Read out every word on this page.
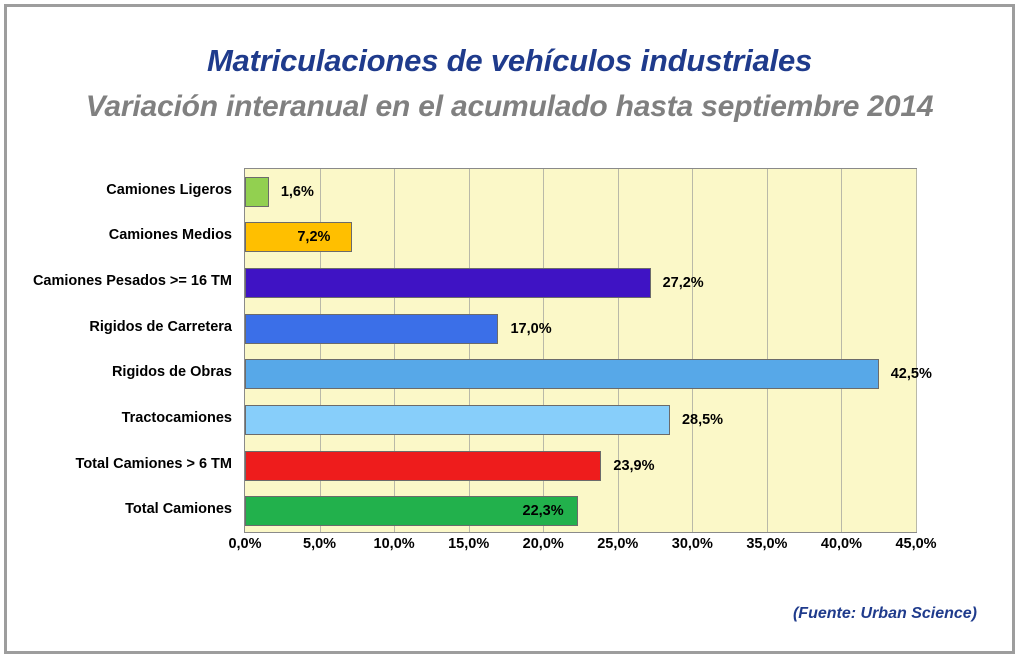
Matriculaciones de vehículos industriales
Variación interanual en el acumulado hasta septiembre 2014
Camiones Ligeros
Camiones Medios
Camiones Pesados >= 16 TM
Rigidos de Carretera
Rigidos de Obras
Tractocamiones
Total Camiones > 6 TM
Total Camiones
1,6%
7,2%
27,2%
17,0%
42,5%
28,5%
23,9%
22,3%
0,0%	5,0%	10,0% 15,0% 20,0% 25,0% 30,0% 35,0% 40,0% 45,0%
(Fuente: Urban Science)
